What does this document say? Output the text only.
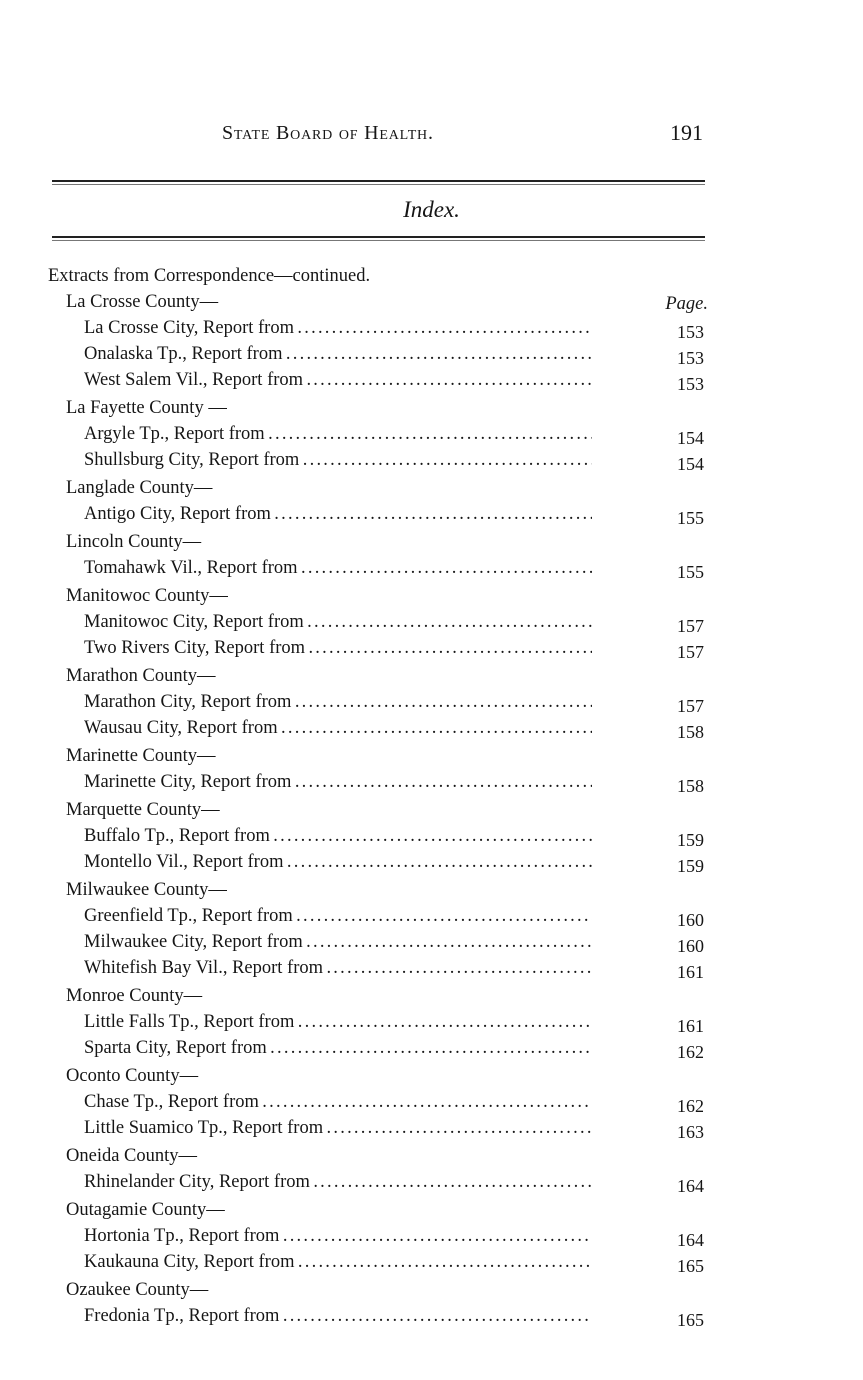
State Board of Health.	191
Index.
Extracts from Correspondence—continued.
Page.
La Crosse County—
La Crosse City, Report from . . .	153
Onalaska Tp., Report from . . .	153
West Salem Vil., Report from . . .	153
La Fayette County —
Argyle Tp., Report from . . .	154
Shullsburg City, Report from . . .	154
Langlade County—
Antigo City, Report from . . .	155
Lincoln County—
Tomahawk Vil., Report from . . .	155
Manitowoc County—
Manitowoc City, Report from . . .	157
Two Rivers City, Report from . . .	157
Marathon County—
Marathon City, Report from . . .	157
Wausau City, Report from . . .	158
Marinette County—
Marinette City, Report from . . .	158
Marquette County—
Buffalo Tp., Report from . . .	159
Montello Vil., Report from . . .	159
Milwaukee County—
Greenfield Tp., Report from . . .	160
Milwaukee City, Report from . . .	160
Whitefish Bay Vil., Report from . . .	161
Monroe County—
Little Falls Tp., Report from . . .	161
Sparta City, Report from . . .	162
Oconto County—
Chase Tp., Report from . . .	162
Little Suamico Tp., Report from . . .	163
Oneida County—
Rhinelander City, Report from . . .	164
Outagamie County—
Hortonia Tp., Report from . . .	164
Kaukauna City, Report from . . .	165
Ozaukee County—
Fredonia Tp., Report from . . .	165
